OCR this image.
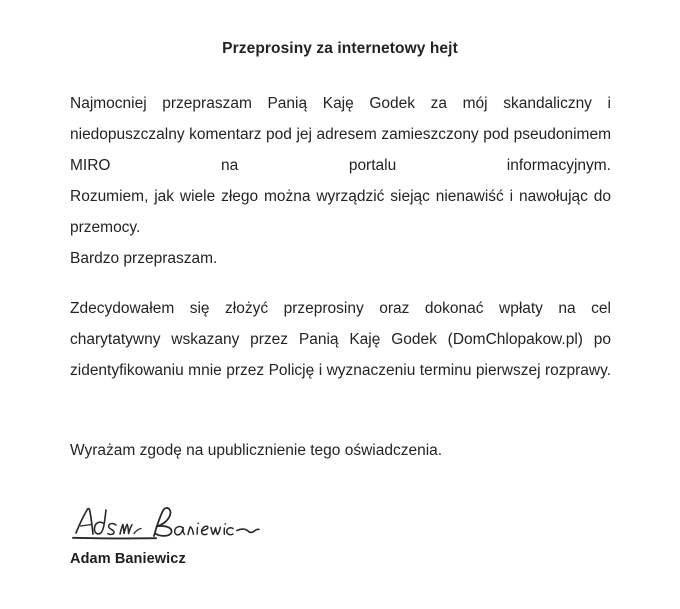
Przeprosiny za internetowy hejt

Najmocniej przepraszam Panią Kaję Godek za mój skandaliczny i niedopuszczalny komentarz pod jej adresem zamieszczony pod pseudonimem MIRO na portalu informacyjnym.

Rozumiem, jak wiele złego można wyrządzić siejąc nienawiść i nawołując do przemocy.

Bardzo przepraszam.

Zdecydowałem się złożyć przeprosiny oraz dokonać wpłaty na cel charytatywny wskazany przez Panią Kaję Godek (DomChlopakow.pl) po zidentyfikowaniu mnie przez Policję i wyznaczeniu terminu pierwszej rozprawy.

Wyrażam zgodę na upublicznienie tego oświadczenia.

Adam Baniewicz
